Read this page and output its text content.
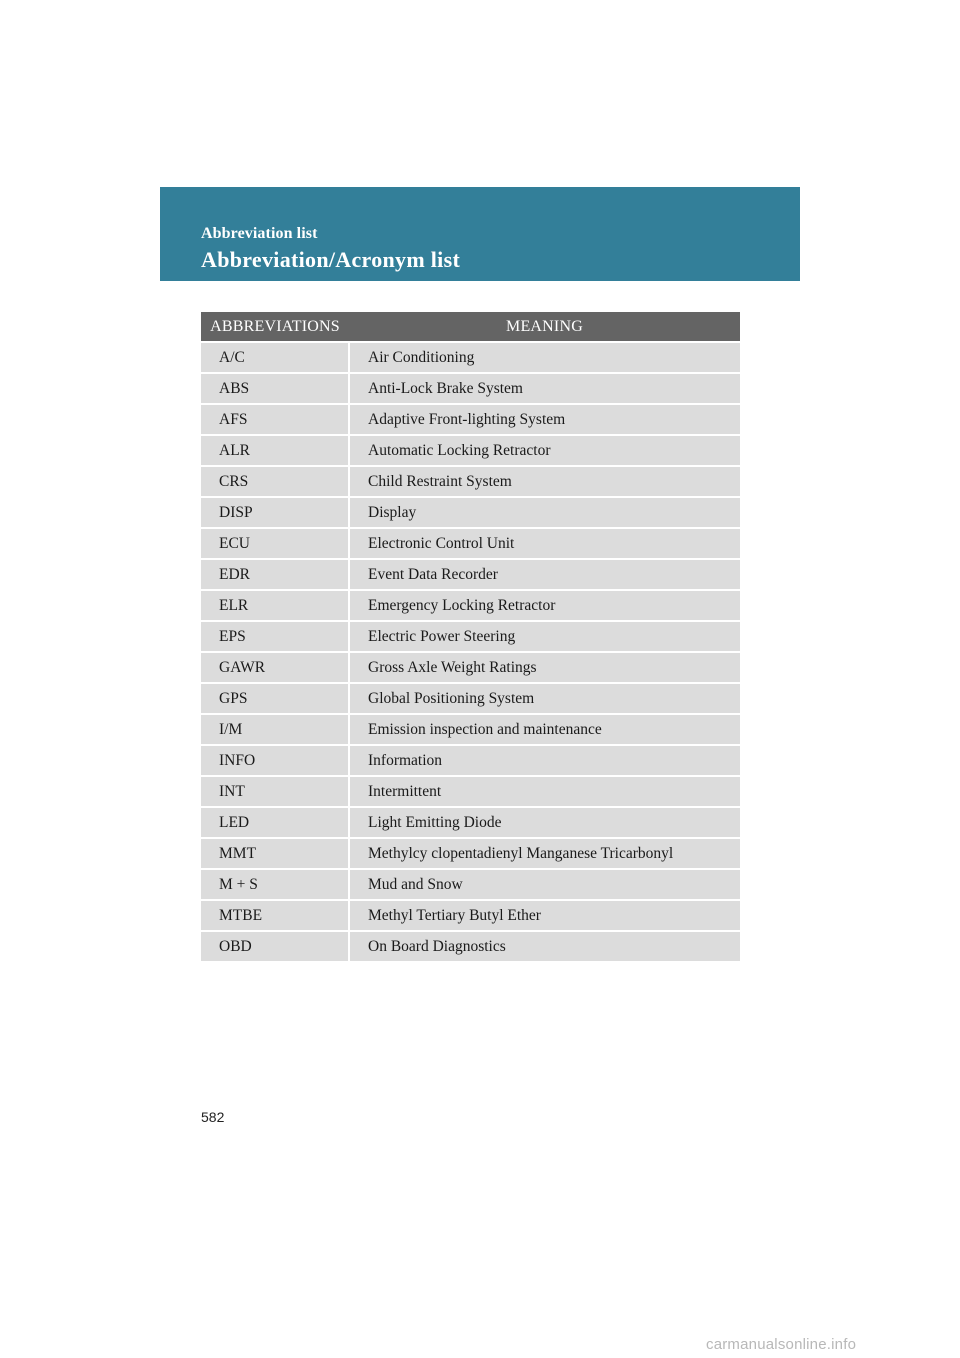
Abbreviation list
Abbreviation/Acronym list
ABBREVIATIONS	MEANING
A/C	Air Conditioning
ABS	Anti-Lock Brake System
AFS	Adaptive Front-lighting System
ALR	Automatic Locking Retractor
CRS	Child Restraint System
DISP	Display
ECU	Electronic Control Unit
EDR	Event Data Recorder
ELR	Emergency Locking Retractor
EPS	Electric Power Steering
GAWR	Gross Axle Weight Ratings
GPS	Global Positioning System
I/M	Emission inspection and maintenance
INFO	Information
INT	Intermittent
LED	Light Emitting Diode
MMT	Methylcy clopentadienyl Manganese Tricarbonyl
M + S	Mud and Snow
MTBE	Methyl Tertiary Butyl Ether
OBD	On Board Diagnostics
582
carmanualsonline.info
